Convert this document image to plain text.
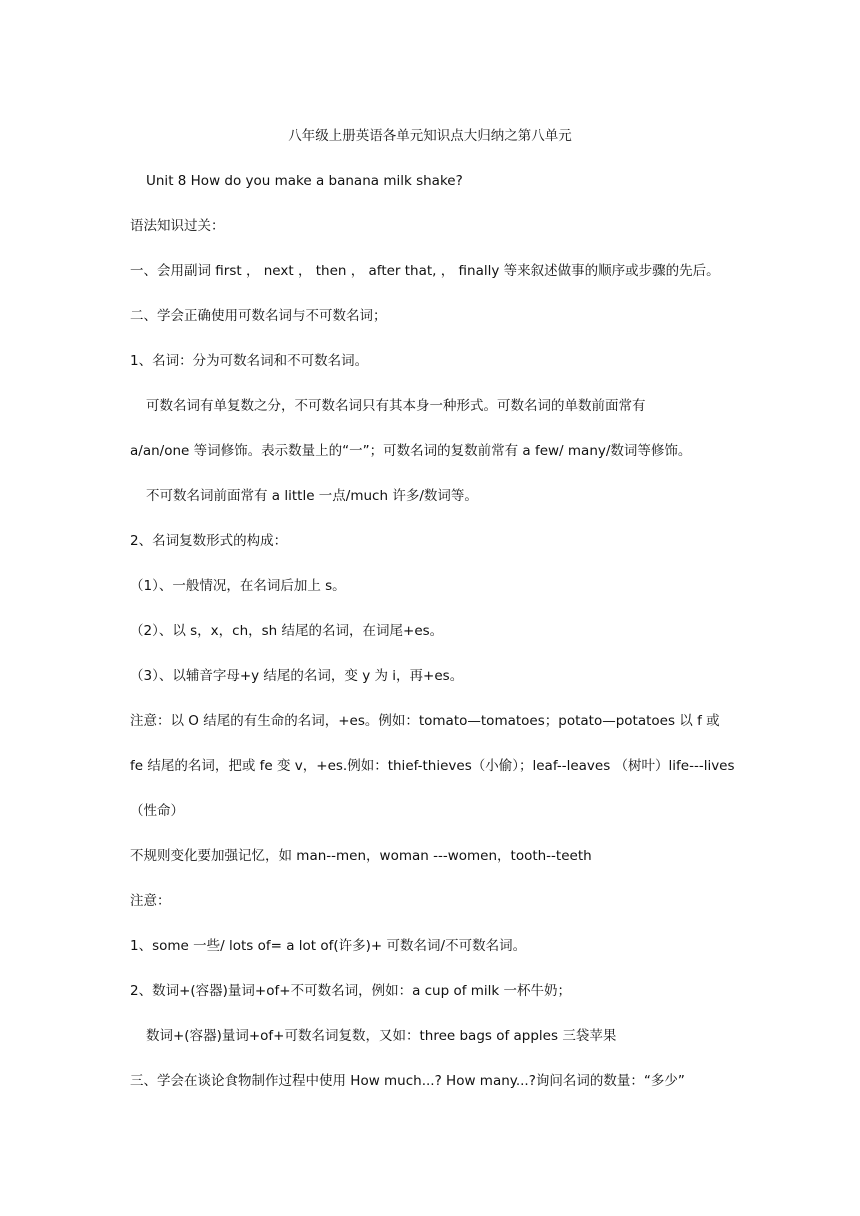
八年级上册英语各单元知识点大归纳之第八单元
Unit 8 How do you make a banana milk shake?
语法知识过关：
一、会用副词 first ， next ， then ， after that, ， finally 等来叙述做事的顺序或步骤的先后。
二、学会正确使用可数名词与不可数名词；
1、名词：分为可数名词和不可数名词。
可数名词有单复数之分，不可数名词只有其本身一种形式。可数名词的单数前面常有
a/an/one 等词修饰。表示数量上的“一”；可数名词的复数前常有 a few/ many/数词等修饰。
不可数名词前面常有 a little 一点/much 许多/数词等。
2、名词复数形式的构成：
（1）、一般情况，在名词后加上 s。
（2）、以 s，x，ch，sh 结尾的名词，在词尾+es。
（3）、以辅音字母+y 结尾的名词，变 y 为 i，再+es。
注意：以 O 结尾的有生命的名词，+es。例如：tomato—tomatoes；potato—potatoes 以 f 或
fe 结尾的名词，把或 fe 变 v，+es.例如：thief-thieves（小偷）；leaf--leaves （树叶）life---lives
（性命）
不规则变化要加强记忆，如 man--men，woman ---women，tooth--teeth
注意：
1、some 一些/ lots of= a lot of(许多)+ 可数名词/不可数名词。
2、数词+(容器)量词+of+不可数名词，例如：a cup of milk 一杯牛奶；
数词+(容器)量词+of+可数名词复数，又如：three bags of apples 三袋苹果
三、学会在谈论食物制作过程中使用 How much...? How many...?询问名词的数量：“多少”
